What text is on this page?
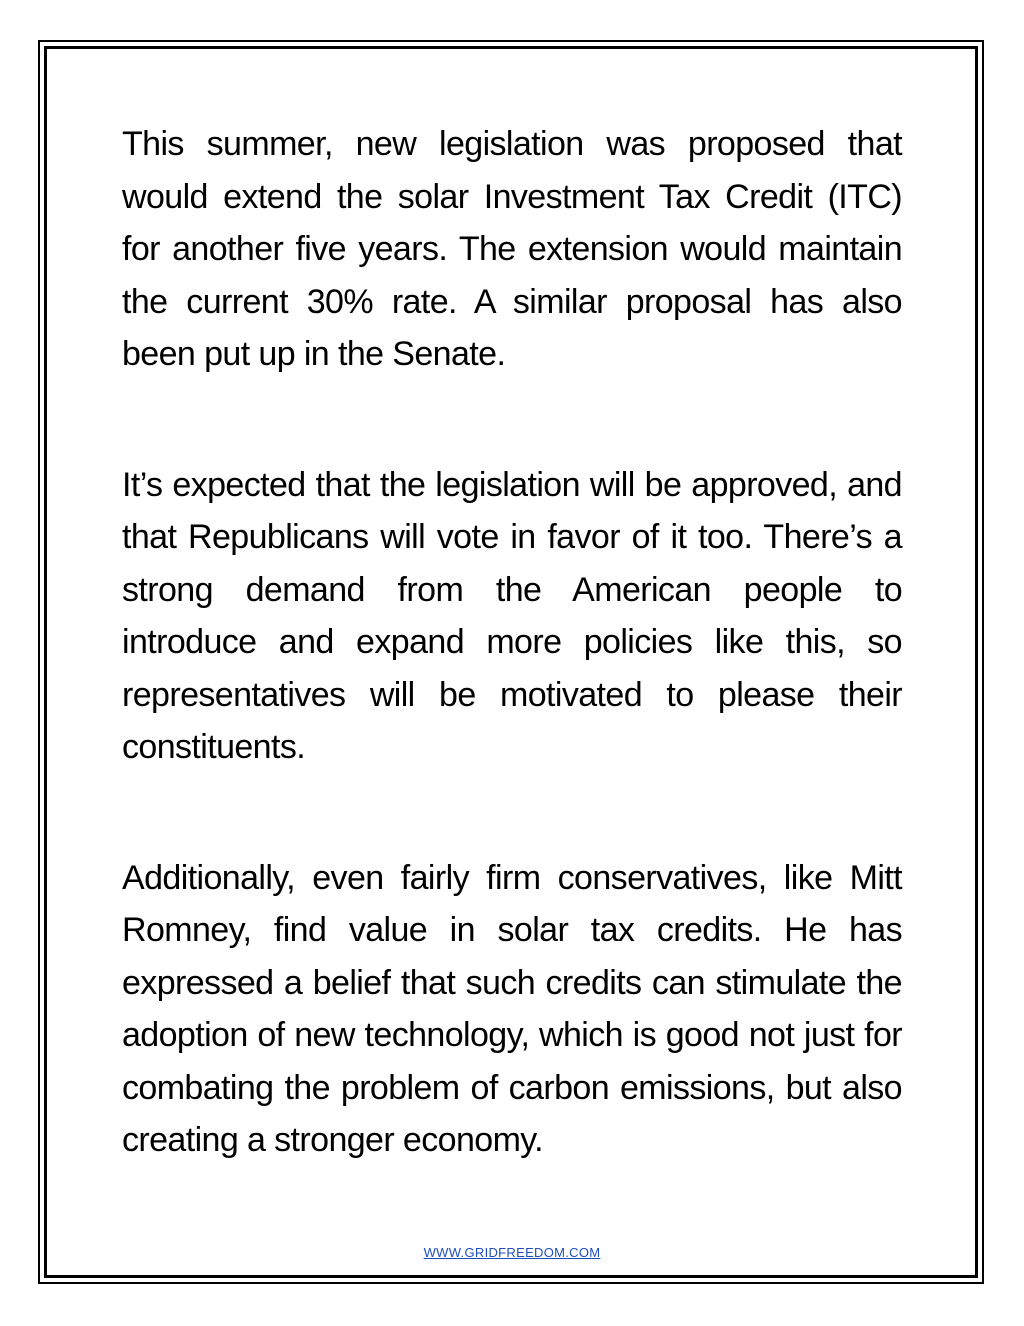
This summer, new legislation was proposed that would extend the solar Investment Tax Credit (ITC) for another five years. The extension would maintain the current 30% rate. A similar proposal has also been put up in the Senate.

It’s expected that the legislation will be approved, and that Republicans will vote in favor of it too. There’s a strong demand from the American people to introduce and expand more policies like this, so representatives will be motivated to please their constituents.

Additionally, even fairly firm conservatives, like Mitt Romney, find value in solar tax credits. He has expressed a belief that such credits can stimulate the adoption of new technology, which is good not just for combating the problem of carbon emissions, but also creating a stronger economy.

WWW.GRIDFREEDOM.COM
